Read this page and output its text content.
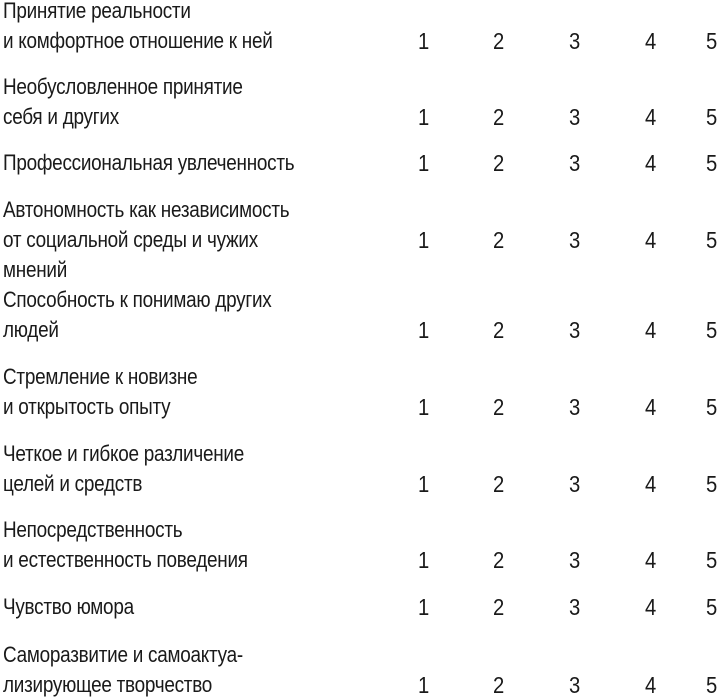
Принятие реальности
и комфортное отношение к ней	1	2	3	4 5
Необусловленное принятие
себя и других	1	2	3	4 5
Профессиональная увлеченность	1	2	3	4 5
Автономность как независимость
от социальной среды и чужих
мнений
1	2	3	4 5
Способность к понимаю других
людей	1	2	3	4 5
Стремление к новизне
и открытость опыту	1	2	3	4 5
Четкое и гибкое различение
целей и средств	1	2	3	4 5
Непосредственность
и естественность поведения	1	2	3	4 5
Чувство юмора	1	2	3	4 5
Саморазвитие и самоактуа-
лизирующее творчество	1	2	3	4 5
